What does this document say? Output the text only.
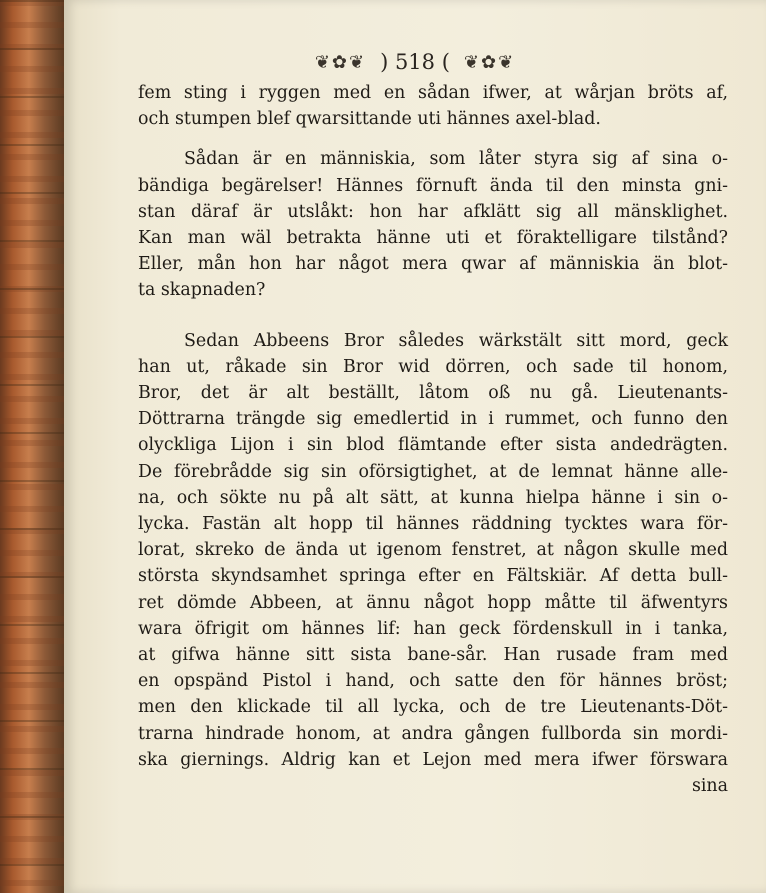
❦✿❦ ) 518 ( ❦✿❦
fem sting i ryggen med en sådan ifwer, at wårjan bröts af,
och stumpen blef qwarsittande uti hännes axel-blad.
Sådan är en människia, som låter styra sig af sina o-
bändiga begärelser! Hännes förnuft ända til den minsta gni-
stan däraf är utslåkt: hon har afklätt sig all mänsklighet.
Kan man wäl betrakta hänne uti et föraktelligare tilstånd?
Eller, mån hon har något mera qwar af människia än blot-
ta skapnaden?
Sedan Abbeens Bror således wärkstält sitt mord, geck
han ut, råkade sin Bror wid dörren, och sade til honom,
Bror, det är alt beställt, låtom oß nu gå. Lieutenants-
Döttrarna trängde sig emedlertid in i rummet, och funno den
olyckliga Lijon i sin blod flämtande efter sista andedrägten.
De förebrådde sig sin oförsigtighet, at de lemnat hänne alle-
na, och sökte nu på alt sätt, at kunna hielpa hänne i sin o-
lycka. Fastän alt hopp til hännes räddning tycktes wara för-
lorat, skreko de ända ut igenom fenstret, at någon skulle med
största skyndsamhet springa efter en Fältskiär. Af detta bull-
ret dömde Abbeen, at ännu något hopp måtte til äfwentyrs
wara öfrigit om hännes lif: han geck fördenskull in i tanka,
at gifwa hänne sitt sista bane-sår. Han rusade fram med
en opspänd Pistol i hand, och satte den för hännes bröst;
men den klickade til all lycka, och de tre Lieutenants-Döt-
trarna hindrade honom, at andra gången fullborda sin mordi-
ska giernings. Aldrig kan et Lejon med mera ifwer förswara
sina
